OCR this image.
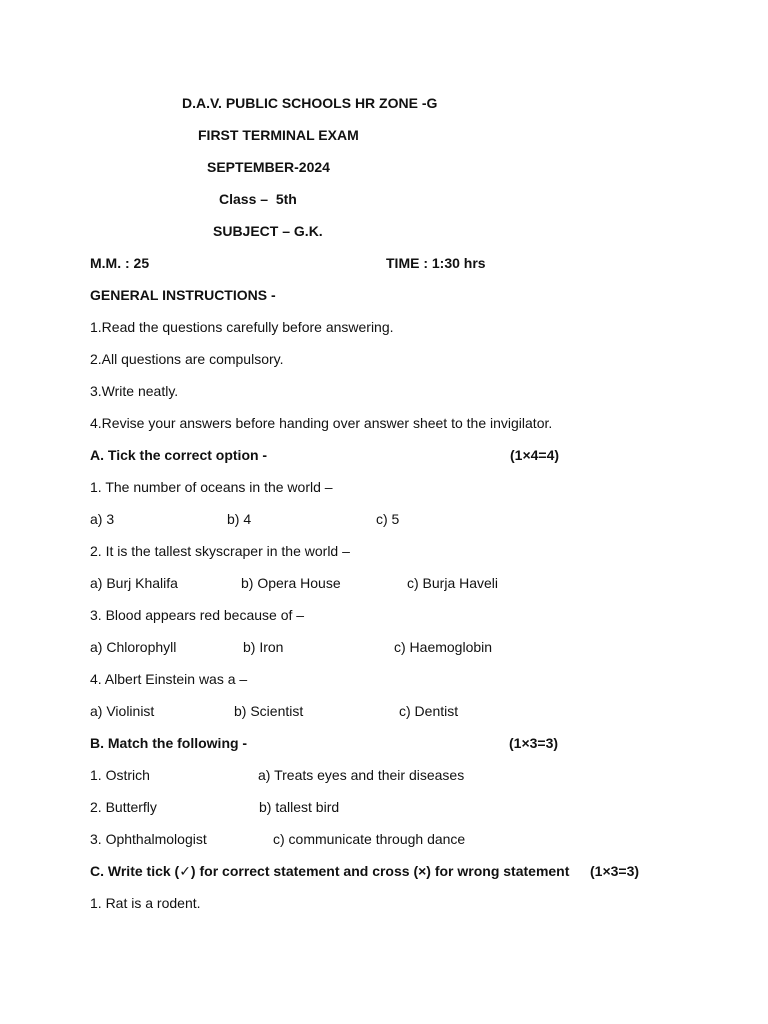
D.A.V. PUBLIC SCHOOLS HR ZONE -G
FIRST TERMINAL EXAM
SEPTEMBER-2024
Class –  5th
SUBJECT – G.K.
M.M. : 25	TIME : 1:30 hrs
GENERAL INSTRUCTIONS -
1.Read the questions carefully before answering.
2.All questions are compulsory.
3.Write neatly.
4.Revise your answers before handing over answer sheet to the invigilator.
A. Tick the correct option -	(1×4=4)
1. The number of oceans in the world –
a) 3	b) 4	c) 5
2. It is the tallest skyscraper in the world –
a) Burj Khalifa	b) Opera House	c) Burja Haveli
3. Blood appears red because of –
a) Chlorophyll	b) Iron	c) Haemoglobin
4. Albert Einstein was a –
a) Violinist	b) Scientist	c) Dentist
B. Match the following -	(1×3=3)
1. Ostrich	a) Treats eyes and their diseases
2. Butterfly	b) tallest bird
3. Ophthalmologist	c) communicate through dance
C. Write tick (✓) for correct statement and cross (×) for wrong statement (1×3=3)
1. Rat is a rodent.
